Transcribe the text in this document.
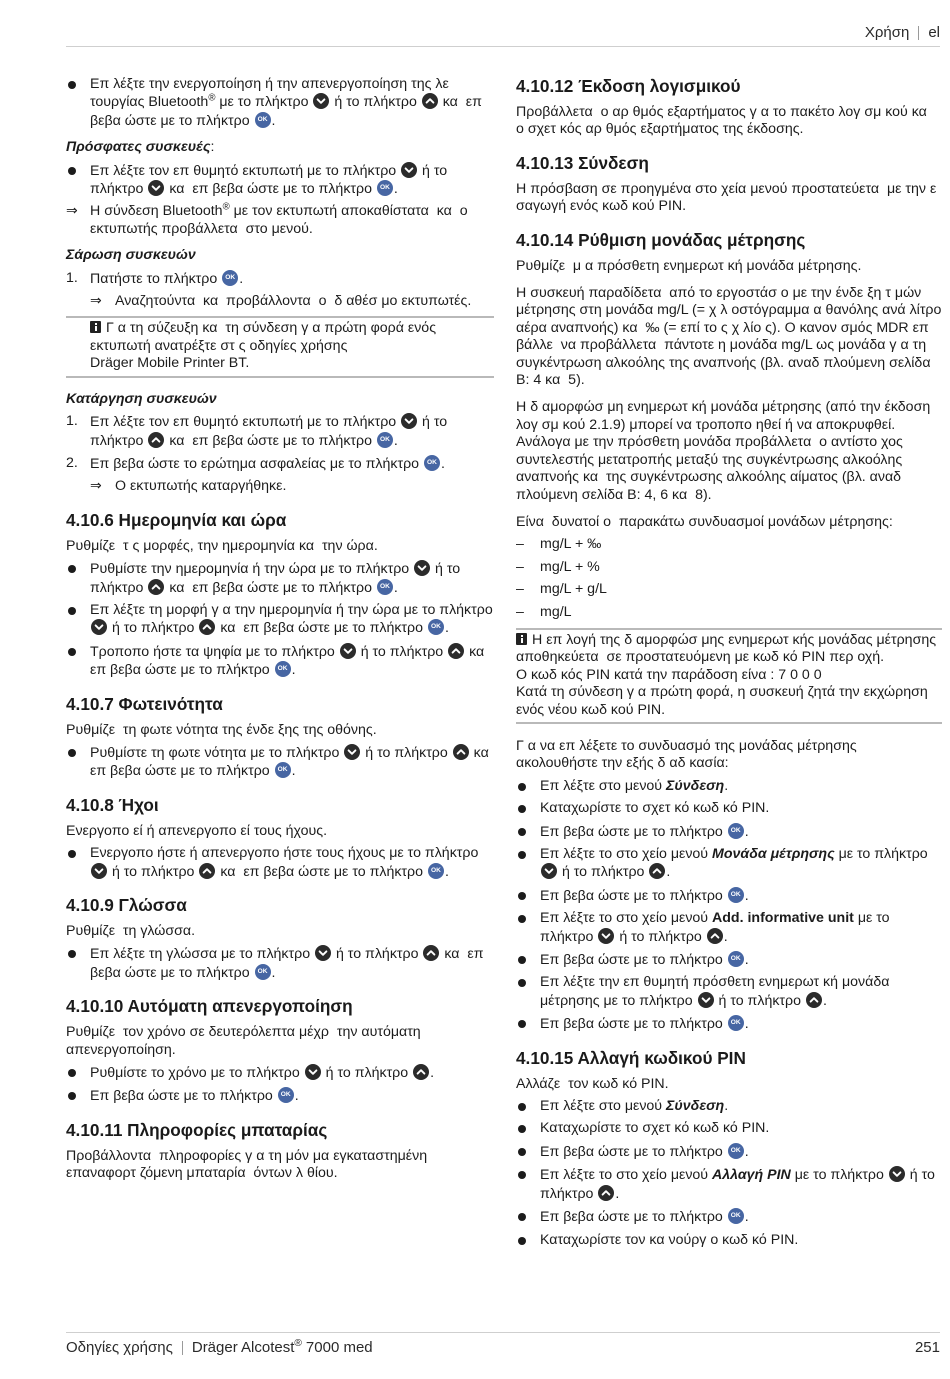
Χρήση el
Επ λέξτε την ενεργοποίηση ή την απενεργοποίηση της λε τουργίας Bluetooth® με το πλήκτρο
ή το πλήκτρο
κα  επ βεβα ώστε με το πλήκτρο OK .
Πρόσφατες συσκευές:
Επ λέξτε τον επ θυμητό εκτυπωτή με το πλήκτρο
ή το πλήκτρο
κα  επ βεβα ώστε με το πλήκτρο OK .
⇒ Η σύνδεση Bluetooth® με τον εκτυπωτή αποκαθίστατα  κα  ο εκτυπωτής προβάλλετα  στο μενού.
Σάρωση συσκευών
1. Πατήστε το πλήκτρο OK .
⇒ Αναζητούντα  κα  προβάλλοντα  ο  δ αθέσ μο εκτυπωτές.
Γ α τη σύζευξη κα  τη σύνδεση γ α πρώτη φορά ενός εκτυπωτή ανατρέξτε στ ς οδηγίες χρήσης
Dräger Mobile Printer BT.
Κατάργηση συσκευών
1. Επ λέξτε τον επ θυμητό εκτυπωτή με το πλήκτρο
ή το πλήκτρο
κα  επ βεβα ώστε με το πλήκτρο OK .
2. Επ βεβα ώστε το ερώτημα ασφαλείας με το πλήκτρο OK .
⇒ Ο εκτυπωτής καταργήθηκε.
4.10.6 Ημερομηνία και ώρα
Ρυθμίζε  τ ς μορφές, την ημερομηνία κα  την ώρα.
Ρυθμίστε την ημερομηνία ή την ώρα με το πλήκτρο
ή το πλήκτρο
κα  επ βεβα ώστε με το πλήκτρο OK .
Επ λέξτε τη μορφή γ α την ημερομηνία ή την ώρα με το πλήκτρο
ή το πλήκτρο
κα  επ βεβα ώστε με το πλήκτρο OK .
Τροποπο ήστε τα ψηφία με το πλήκτρο
ή το πλήκτρο
κα  επ βεβα ώστε με το πλήκτρο OK .
4.10.7 Φωτεινότητα
Ρυθμίζε  τη φωτε νότητα της ένδε ξης της οθόνης.
Ρυθμίστε τη φωτε νότητα με το πλήκτρο
ή το πλήκτρο
κα  επ βεβα ώστε με το πλήκτρο OK .
4.10.8 Ήχοι
Ενεργοπο εί ή απενεργοπο εί τους ήχους.
Ενεργοπο ήστε ή απενεργοπο ήστε τους ήχους με το πλήκτρο
ή το πλήκτρο
κα  επ βεβα ώστε με το πλήκτρο OK .
4.10.9 Γλώσσα
Ρυθμίζε  τη γλώσσα.
Επ λέξτε τη γλώσσα με το πλήκτρο
ή το πλήκτρο
κα  επ βεβα ώστε με το πλήκτρο OK .
4.10.10 Αυτόματη απενεργοποίηση
Ρυθμίζε  τον χρόνο σε δευτερόλεπτα μέχρ  την αυτόματη απενεργοποίηση.
Ρυθμίστε το χρόνο με το πλήκτρο
ή το πλήκτρο
.
Επ βεβα ώστε με το πλήκτρο OK .
4.10.11 Πληροφορίες μπαταρίας
Προβάλλοντα  πληροφορίες γ α τη μόν μα εγκαταστημένη επαναφορτ ζόμενη μπαταρία  όντων λ θίου.
4.10.12 Έκδοση λογισμικού
Προβάλλετα  ο αρ θμός εξαρτήματος γ α το πακέτο λογ σμ κού κα  ο σχετ κός αρ θμός εξαρτήματος της έκδοσης.
4.10.13 Σύνδεση
Η πρόσβαση σε προηγμένα στο χεία μενού προστατεύετα  με την ε σαγωγή ενός κωδ κού PIN.
4.10.14 Ρύθμιση μονάδας μέτρησης
Ρυθμίζε  μ α πρόσθετη ενημερωτ κή μονάδα μέτρησης.
Η συσκευή παραδίδετα  από το εργοστάσ ο με την ένδε ξη τ μών μέτρησης στη μονάδα mg/L (= χ λ οστόγραμμα α θανόλης ανά λίτρο αέρα αναπνοής) κα  ‰ (= επί το ς χ λίο ς). Ο κανον σμός MDR επ βάλλε  να προβάλλετα  πάντοτε η μονάδα mg/L ως μονάδα γ α τη συγκέντρωση αλκοόλης της αναπνοής (βλ. αναδ πλούμενη σελίδα B: 4 κα  5).
Η δ αμορφώσ μη ενημερωτ κή μονάδα μέτρησης (από την έκδοση λογ σμ κού 2.1.9) μπορεί να τροποπο ηθεί ή να αποκρυφθεί. Ανάλογα με την πρόσθετη μονάδα προβάλλετα  ο αντίστο χος συντελεστής μετατροπής μεταξύ της συγκέντρωσης αλκοόλης αναπνοής κα  της συγκέντρωσης αλκοόλης αίματος (βλ. αναδ πλούμενη σελίδα B: 4, 6 κα  8).
Είνα  δυνατοί ο  παρακάτω συνδυασμοί μονάδων μέτρησης:
– mg/L + ‰
– mg/L + %
– mg/L + g/L
– mg/L
Η επ λογή της δ αμορφώσ μης ενημερωτ κής μονάδας μέτρησης αποθηκεύετα  σε προστατευόμενη με κωδ κό PIN περ οχή.
Ο κωδ κός PIN κατά την παράδοση είνα : 7 0 0 0
Κατά τη σύνδεση γ α πρώτη φορά, η συσκευή ζητά την εκχώρηση ενός νέου κωδ κού PIN.
Γ α να επ λέξετε το συνδυασμό της μονάδας μέτρησης ακολουθήστε την εξής δ αδ κασία:
Επ λέξτε στο μενού Σύνδεση.
Καταχωρίστε το σχετ κό κωδ κό PIN.
Επ βεβα ώστε με το πλήκτρο OK .
Επ λέξτε το στο χείο μενού Μονάδα μέτρησης με το πλήκτρο
ή το πλήκτρο
.
Επ βεβα ώστε με το πλήκτρο OK .
Επ λέξτε το στο χείο μενού Add. informative unit με το πλήκτρο
ή το πλήκτρο
.
Επ βεβα ώστε με το πλήκτρο OK .
Επ λέξτε την επ θυμητή πρόσθετη ενημερωτ κή μονάδα μέτρησης με το πλήκτρο
ή το πλήκτρο
.
Επ βεβα ώστε με το πλήκτρο OK .
4.10.15 Αλλαγή κωδικού PIN
Αλλάζε  τον κωδ κό PIN.
Επ λέξτε στο μενού Σύνδεση.
Καταχωρίστε το σχετ κό κωδ κό PIN.
Επ βεβα ώστε με το πλήκτρο OK .
Επ λέξτε το στο χείο μενού Αλλαγή PIN με το πλήκτρο
ή το πλήκτρο
.
Επ βεβα ώστε με το πλήκτρο OK .
Καταχωρίστε τον κα νούργ ο κωδ κό PIN.
Οδηγίες χρήσης Dräger Alcotest® 7000 med	251
